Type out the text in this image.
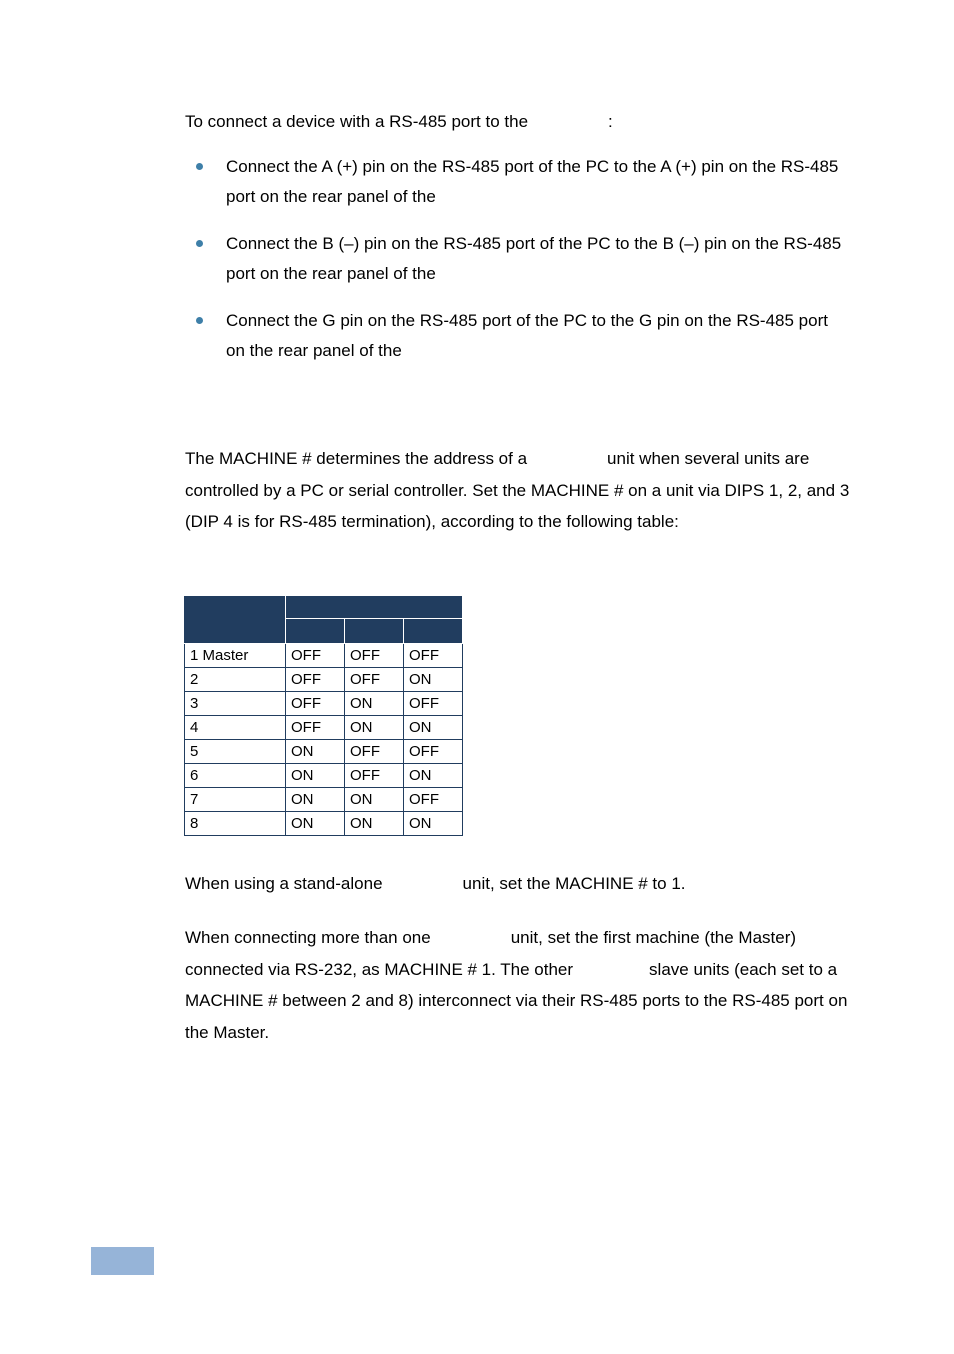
To connect a device with a RS-485 port to the	:

Connect the A (+) pin on the RS-485 port of the PC to the A (+) pin on the RS-485 port on the rear panel of the
Connect the B (–) pin on the RS-485 port of the PC to the B (–) pin on the RS-485 port on the rear panel of the
Connect the G pin on the RS-485 port of the PC to the G pin on the RS-485 port on the rear panel of the

The MACHINE # determines the address of a	unit when several units are controlled by a PC or serial controller. Set the MACHINE # on a unit via DIPS 1, 2, and 3 (DIP 4 is for RS-485 termination), according to the following table:

1 Master	OFF	OFF	OFF
2	OFF	OFF	ON
3	OFF	ON	OFF
4	OFF	ON	ON
5	ON	OFF	OFF
6	ON	OFF	ON
7	ON	ON	OFF
8	ON	ON	ON

When using a stand-alone	unit, set the MACHINE # to 1.

When connecting more than one	unit, set the first machine (the Master) connected via RS-232, as MACHINE # 1. The other	slave units (each set to a MACHINE # between 2 and 8) interconnect via their RS-485 ports to the RS-485 port on the Master.
